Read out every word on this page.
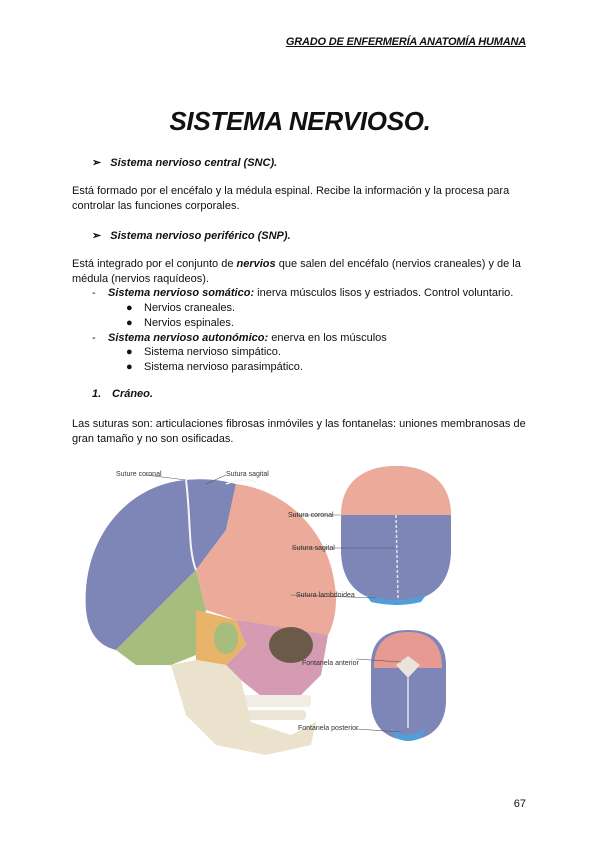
GRADO DE ENFERMERÍA ANATOMÍA HUMANA
SISTEMA NERVIOSO.
➢ Sistema nervioso central (SNC).
Está formado por el encéfalo y la médula espinal. Recibe la información y la procesa para controlar las funciones corporales.
➢ Sistema nervioso periférico (SNP).
Está integrado por el conjunto de nervios que salen del encéfalo (nervios craneales) y de la médula (nervios raquídeos).
- Sistema nervioso somático: inerva músculos lisos y estriados. Control voluntario.
● Nervios craneales.
● Nervios espinales.
- Sistema nervioso autonómico: enerva en los músculos
● Sistema nervioso simpático.
● Sistema nervioso parasimpático.
1. Cráneo.
Las suturas son: articulaciones fibrosas inmóviles y las fontanelas: uniones membranosas de gran tamaño y no son osificadas.
Suture coronal	Sutura sagital
Sutura coronal
Sutura sagital
Sutura lambdoidea
Fontanela anterior
Fontanela posterior
67
